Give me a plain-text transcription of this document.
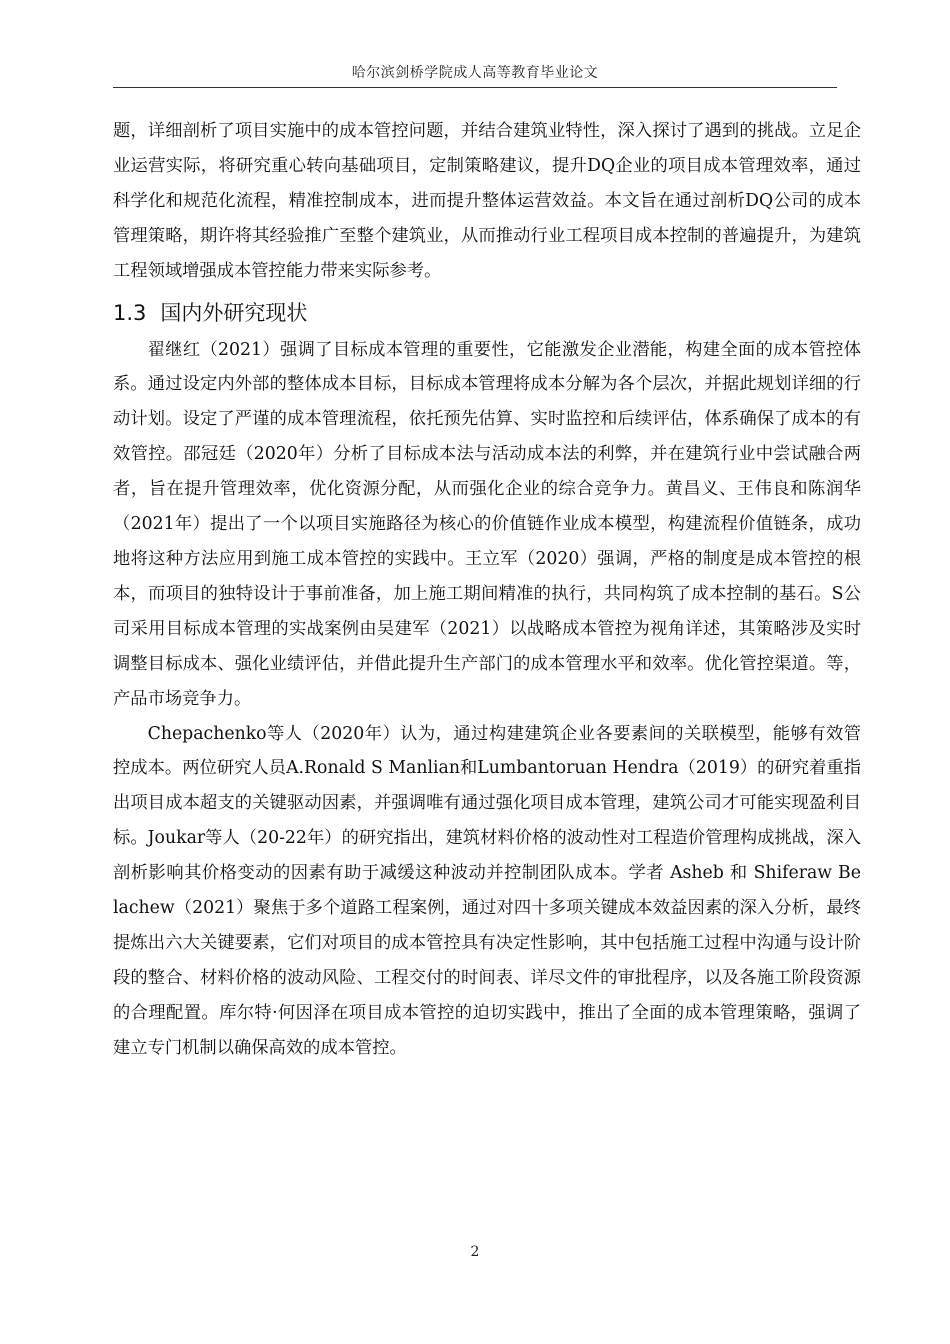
哈尔滨剑桥学院成人高等教育毕业论文

题，详细剖析了项目实施中的成本管控问题，并结合建筑业特性，深入探讨了遇到的挑战。立足企业运营实际，将研究重心转向基础项目，定制策略建议，提升DQ企业的项目成本管理效率，通过科学化和规范化流程，精准控制成本，进而提升整体运营效益。本文旨在通过剖析DQ公司的成本管理策略，期许将其经验推广至整个建筑业，从而推动行业工程项目成本控制的普遍提升，为建筑工程领域增强成本管控能力带来实际参考。

1.3 国内外研究现状

翟继红（2021）强调了目标成本管理的重要性，它能激发企业潜能，构建全面的成本管控体系。通过设定内外部的整体成本目标，目标成本管理将成本分解为各个层次，并据此规划详细的行动计划。设定了严谨的成本管理流程，依托预先估算、实时监控和后续评估，体系确保了成本的有效管控。邵冠廷（2020年）分析了目标成本法与活动成本法的利弊，并在建筑行业中尝试融合两者，旨在提升管理效率，优化资源分配，从而强化企业的综合竞争力。黄昌义、王伟良和陈润华（2021年）提出了一个以项目实施路径为核心的价值链作业成本模型，构建流程价值链条，成功地将这种方法应用到施工成本管控的实践中。王立军（2020）强调，严格的制度是成本管控的根本，而项目的独特设计于事前准备，加上施工期间精准的执行，共同构筑了成本控制的基石。S公司采用目标成本管理的实战案例由吴建军（2021）以战略成本管控为视角详述，其策略涉及实时调整目标成本、强化业绩评估，并借此提升生产部门的成本管理水平和效率。优化管控渠道。等，产品市场竞争力。

Chepachenko等人（2020年）认为，通过构建建筑企业各要素间的关联模型，能够有效管控成本。两位研究人员A.Ronald S Manlian和Lumbantoruan Hendra（2019）的研究着重指出项目成本超支的关键驱动因素，并强调唯有通过强化项目成本管理，建筑公司才可能实现盈利目标。Joukar等人（20-22年）的研究指出，建筑材料价格的波动性对工程造价管理构成挑战，深入剖析影响其价格变动的因素有助于减缓这种波动并控制团队成本。学者 Asheb 和 Shiferaw Be lachew（2021）聚焦于多个道路工程案例，通过对四十多项关键成本效益因素的深入分析，最终提炼出六大关键要素，它们对项目的成本管控具有决定性影响，其中包括施工过程中沟通与设计阶段的整合、材料价格的波动风险、工程交付的时间表、详尽文件的审批程序，以及各施工阶段资源的合理配置。库尔特·何因泽在项目成本管控的迫切实践中，推出了全面的成本管理策略，强调了建立专门机制以确保高效的成本管控。

2
